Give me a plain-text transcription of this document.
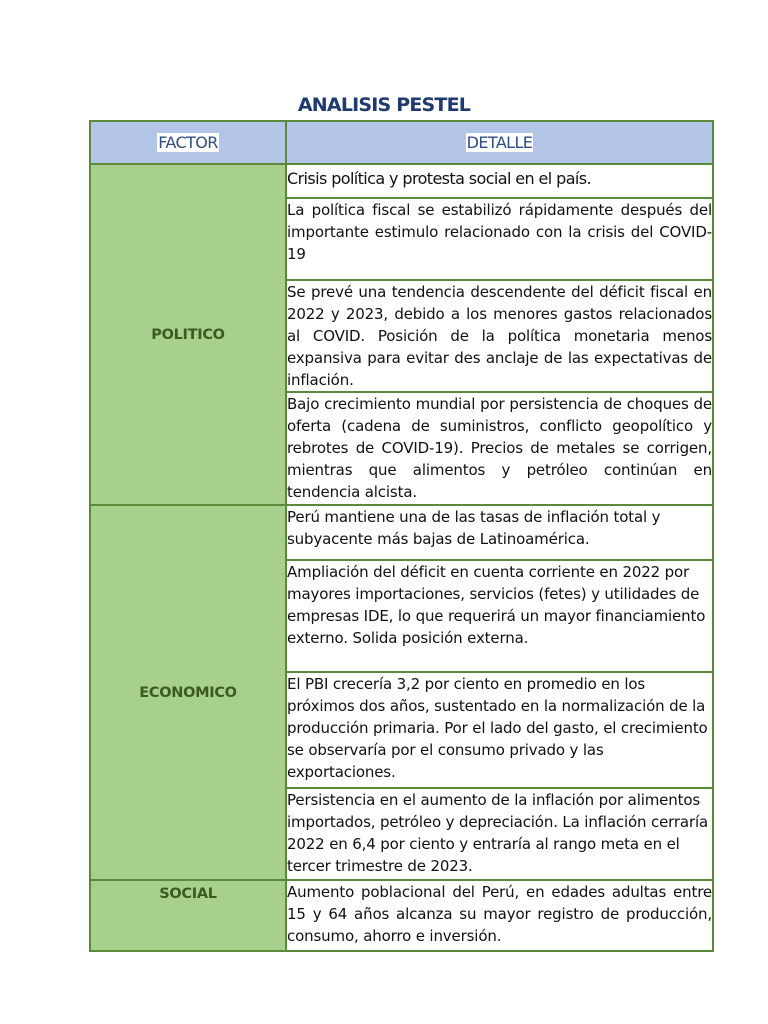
ANALISIS PESTEL
FACTOR	DETALLE
POLITICO	Crisis política y protesta social en el país.
	La política fiscal se estabilizó rápidamente después del importante estimulo relacionado con la crisis del COVID-19
	Se prevé una tendencia descendente del déficit fiscal en 2022 y 2023, debido a los menores gastos relacionados al COVID. Posición de la política monetaria menos expansiva para evitar des anclaje de las expectativas de inflación.
	Bajo crecimiento mundial por persistencia de choques de oferta (cadena de suministros, conflicto geopolítico y rebrotes de COVID-19). Precios de metales se corrigen, mientras que alimentos y petróleo continúan en tendencia alcista.
ECONOMICO	Perú mantiene una de las tasas de inflación total y subyacente más bajas de Latinoamérica.
	Ampliación del déficit en cuenta corriente en 2022 por mayores importaciones, servicios (fetes) y utilidades de empresas IDE, lo que requerirá un mayor financiamiento externo. Solida posición externa.
	El PBI crecería 3,2 por ciento en promedio en los próximos dos años, sustentado en la normalización de la producción primaria. Por el lado del gasto, el crecimiento se observaría por el consumo privado y las exportaciones.
	Persistencia en el aumento de la inflación por alimentos importados, petróleo y depreciación. La inflación cerraría 2022 en 6,4 por ciento y entraría al rango meta en el tercer trimestre de 2023.
SOCIAL	Aumento poblacional del Perú, en edades adultas entre 15 y 64 años alcanza su mayor registro de producción, consumo, ahorro e inversión.
